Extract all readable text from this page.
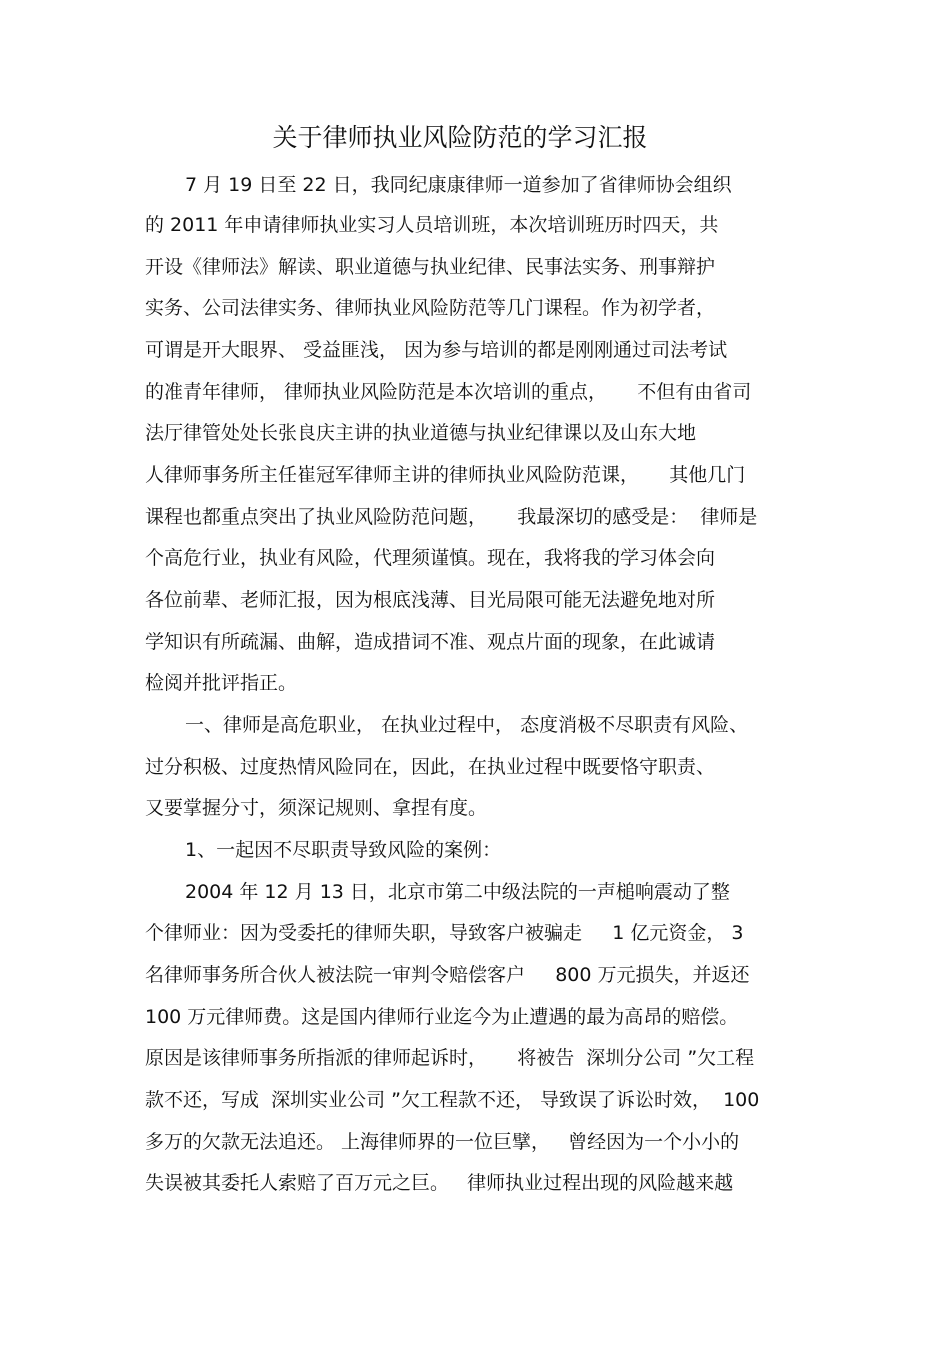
关于律师执业风险防范的学习汇报
7 月 19 日至 22 日，我同纪康康律师一道参加了省律师协会组织
的 2011 年申请律师执业实习人员培训班，本次培训班历时四天，共
开设《律师法》解读、职业道德与执业纪律、民事法实务、刑事辩护
实务、公司法律实务、律师执业风险防范等几门课程。作为初学者，
可谓是开大眼界、 受益匪浅， 因为参与培训的都是刚刚通过司法考试
的准青年律师， 律师执业风险防范是本次培训的重点，     不但有由省司
法厅律管处处长张良庆主讲的执业道德与执业纪律课以及山东大地
人律师事务所主任崔冠军律师主讲的律师执业风险防范课，     其他几门
课程也都重点突出了执业风险防范问题，     我最深切的感受是：  律师是
个高危行业，执业有风险，代理须谨慎。现在，我将我的学习体会向
各位前辈、老师汇报，因为根底浅薄、目光局限可能无法避免地对所
学知识有所疏漏、曲解，造成措词不准、观点片面的现象，在此诚请
检阅并批评指正。
一、律师是高危职业， 在执业过程中， 态度消极不尽职责有风险、
过分积极、过度热情风险同在，因此，在执业过程中既要恪守职责、
又要掌握分寸，须深记规则、拿捏有度。
1、一起因不尽职责导致风险的案例：
2004 年 12 月 13 日，北京市第二中级法院的一声槌响震动了整
个律师业：因为受委托的律师失职，导致客户被骗走     1 亿元资金， 3
名律师事务所合伙人被法院一审判令赔偿客户     800 万元损失，并返还
100 万元律师费。这是国内律师行业迄今为止遭遇的最为高昂的赔偿。
原因是该律师事务所指派的律师起诉时，     将被告  深圳分公司 ”欠工程
款不还，写成  深圳实业公司 ”欠工程款不还， 导致误了诉讼时效，  100
多万的欠款无法追还。 上海律师界的一位巨擘，   曾经因为一个小小的
失误被其委托人索赔了百万元之巨。   律师执业过程出现的风险越来越
